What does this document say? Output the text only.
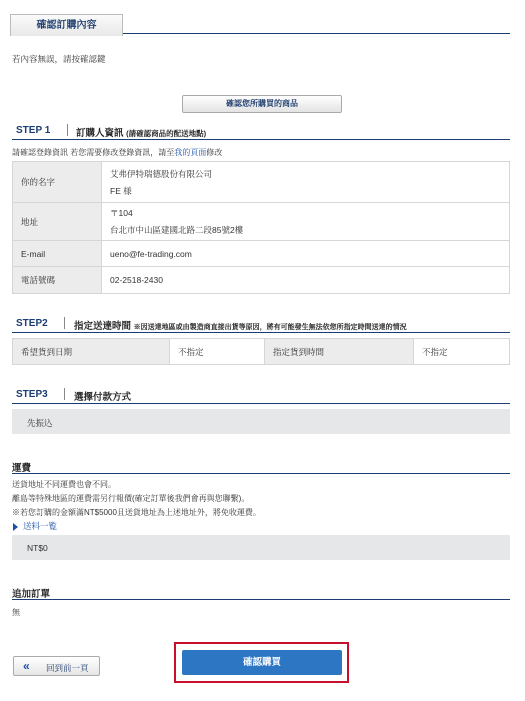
確認訂購內容
若內容無誤，請按確認鍵
確認您所購買的商品
STEP 1	訂購人資訊 (請確認商品的配送地點)
請確認登錄資訊 若您需要修改登錄資訊，請至我的頁面修改
你的名字	艾弗伊特瑞德股份有限公司
FE 様

地址	〒104
台北市中山區建國北路二段85號2樓

E-mail	ueno@fe-trading.com
電話號碼	02-2518-2430
STEP2	指定送達時間 ※因送達地區或由製造商直接出貨等原因，將有可能發生無法依您所指定時間送達的情況
希望貨到日期	不指定	指定貨到時間	不指定
STEP3	選擇付款方式
先振込
運費
送貨地址不同運費也會不同。
離島等特殊地區的運費需另行報價(確定訂單後我們會再與您聯繫)。
※若您訂購的金額滿NT$5000且送貨地址為上述地址外，將免收運費。
送料一覧
NT$0
追加訂單
無
« 回到前一頁	確認購買
